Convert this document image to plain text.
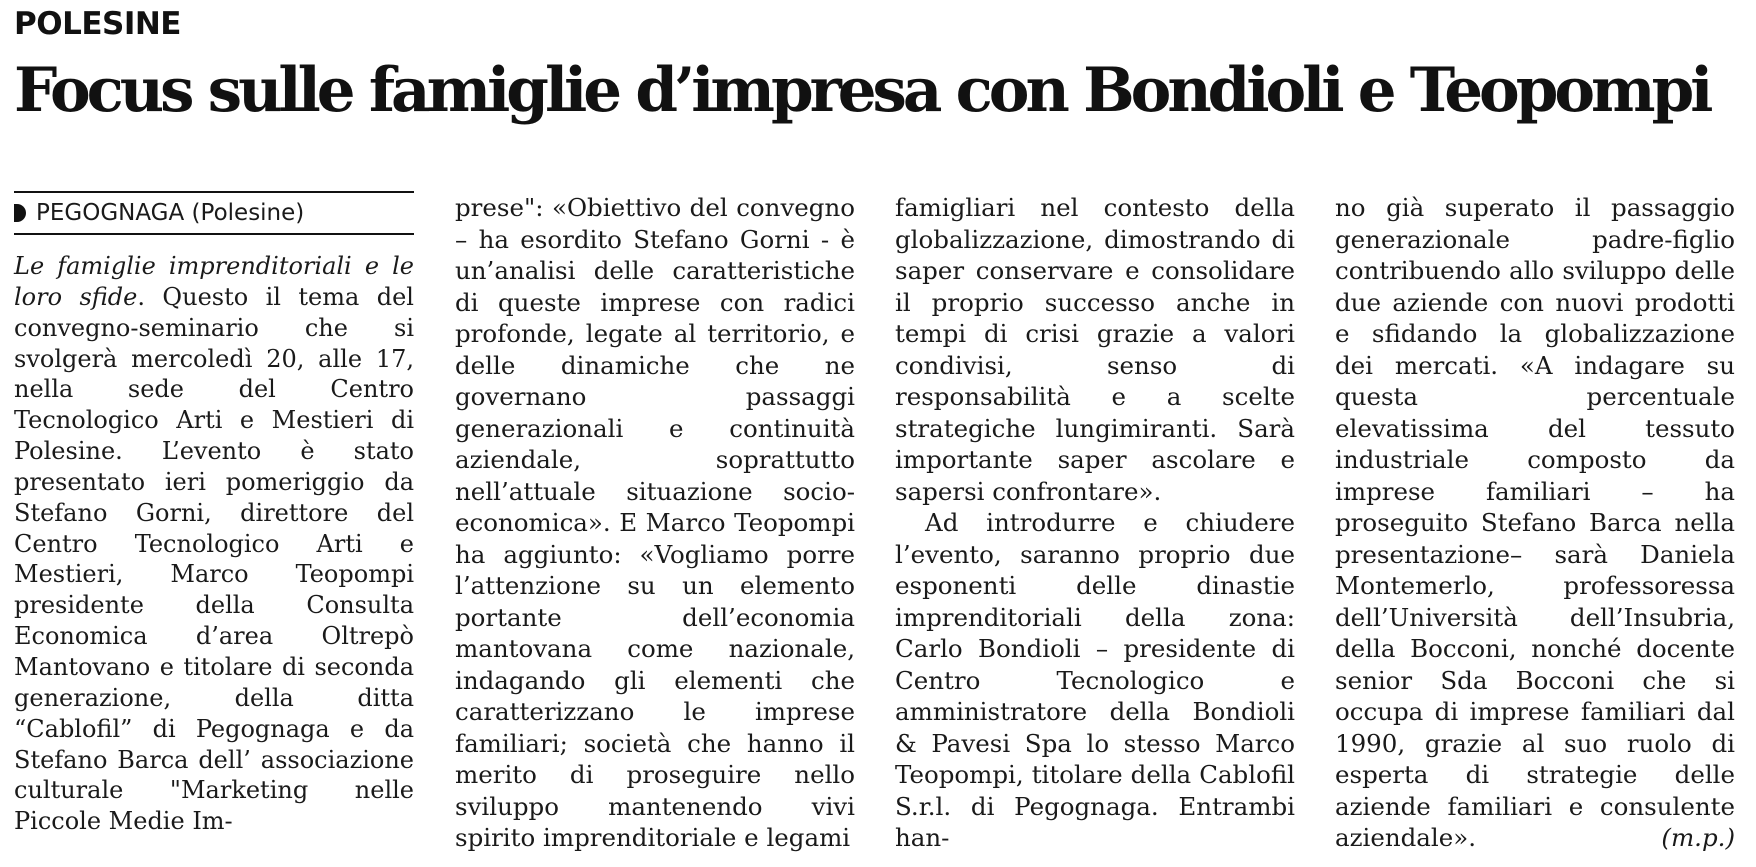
POLESINE
Focus sulle famiglie d’impresa con Bondioli e Teopompi
PEGOGNAGA (Polesine)

Le famiglie imprenditoriali e le loro sfide. Questo il tema del convegno-seminario che si svolgerà mercoledì 20, alle 17, nella sede del Centro Tecnologico Arti e Mestieri di Polesine. L’evento è stato presentato ieri pomeriggio da Stefano Gorni, direttore del Centro Tecnologico Arti e Mestieri, Marco Teopompi presidente della Consulta Economica d’area Oltrepò Mantovano e titolare di seconda generazione, della ditta “Cablofil” di Pegognaga e da Stefano Barca dell’ associazione culturale "Marketing nelle Piccole Medie Im-

prese": «Obiettivo del convegno – ha esordito Stefano Gorni - è un’analisi delle caratteristiche di queste imprese con radici profonde, legate al territorio, e delle dinamiche che ne governano passaggi generazionali e continuità aziendale, soprattutto nell’attuale situazione socio-economica». E Marco Teopompi ha aggiunto: «Vogliamo porre l’attenzione su un elemento portante dell’economia mantovana come nazionale, indagando gli elementi che caratterizzano le imprese familiari; società che hanno il merito di proseguire nello sviluppo mantenendo vivi spirito imprenditoriale e legami

famigliari nel contesto della globalizzazione, dimostrando di saper conservare e consolidare il proprio successo anche in tempi di crisi grazie a valori condivisi, senso di responsabilità e a scelte strategiche lungimiranti. Sarà importante saper ascolare e sapersi confrontare».

Ad introdurre e chiudere l’evento, saranno proprio due esponenti delle dinastie imprenditoriali della zona: Carlo Bondioli – presidente di Centro Tecnologico e amministratore della Bondioli & Pavesi Spa lo stesso Marco Teopompi, titolare della Cablofil S.r.l. di Pegognaga. Entrambi han-

no già superato il passaggio generazionale padre-figlio contribuendo allo sviluppo delle due aziende con nuovi prodotti e sfidando la globalizzazione dei mercati. «A indagare su questa percentuale elevatissima del tessuto industriale composto da imprese familiari – ha proseguito Stefano Barca nella presentazione– sarà Daniela Montemerlo, professoressa dell’Università dell’Insubria, della Bocconi, nonché docente senior Sda Bocconi che si occupa di imprese familiari dal 1990, grazie al suo ruolo di esperta di strategie delle aziende familiari e consulente aziendale».	(m.p.)
